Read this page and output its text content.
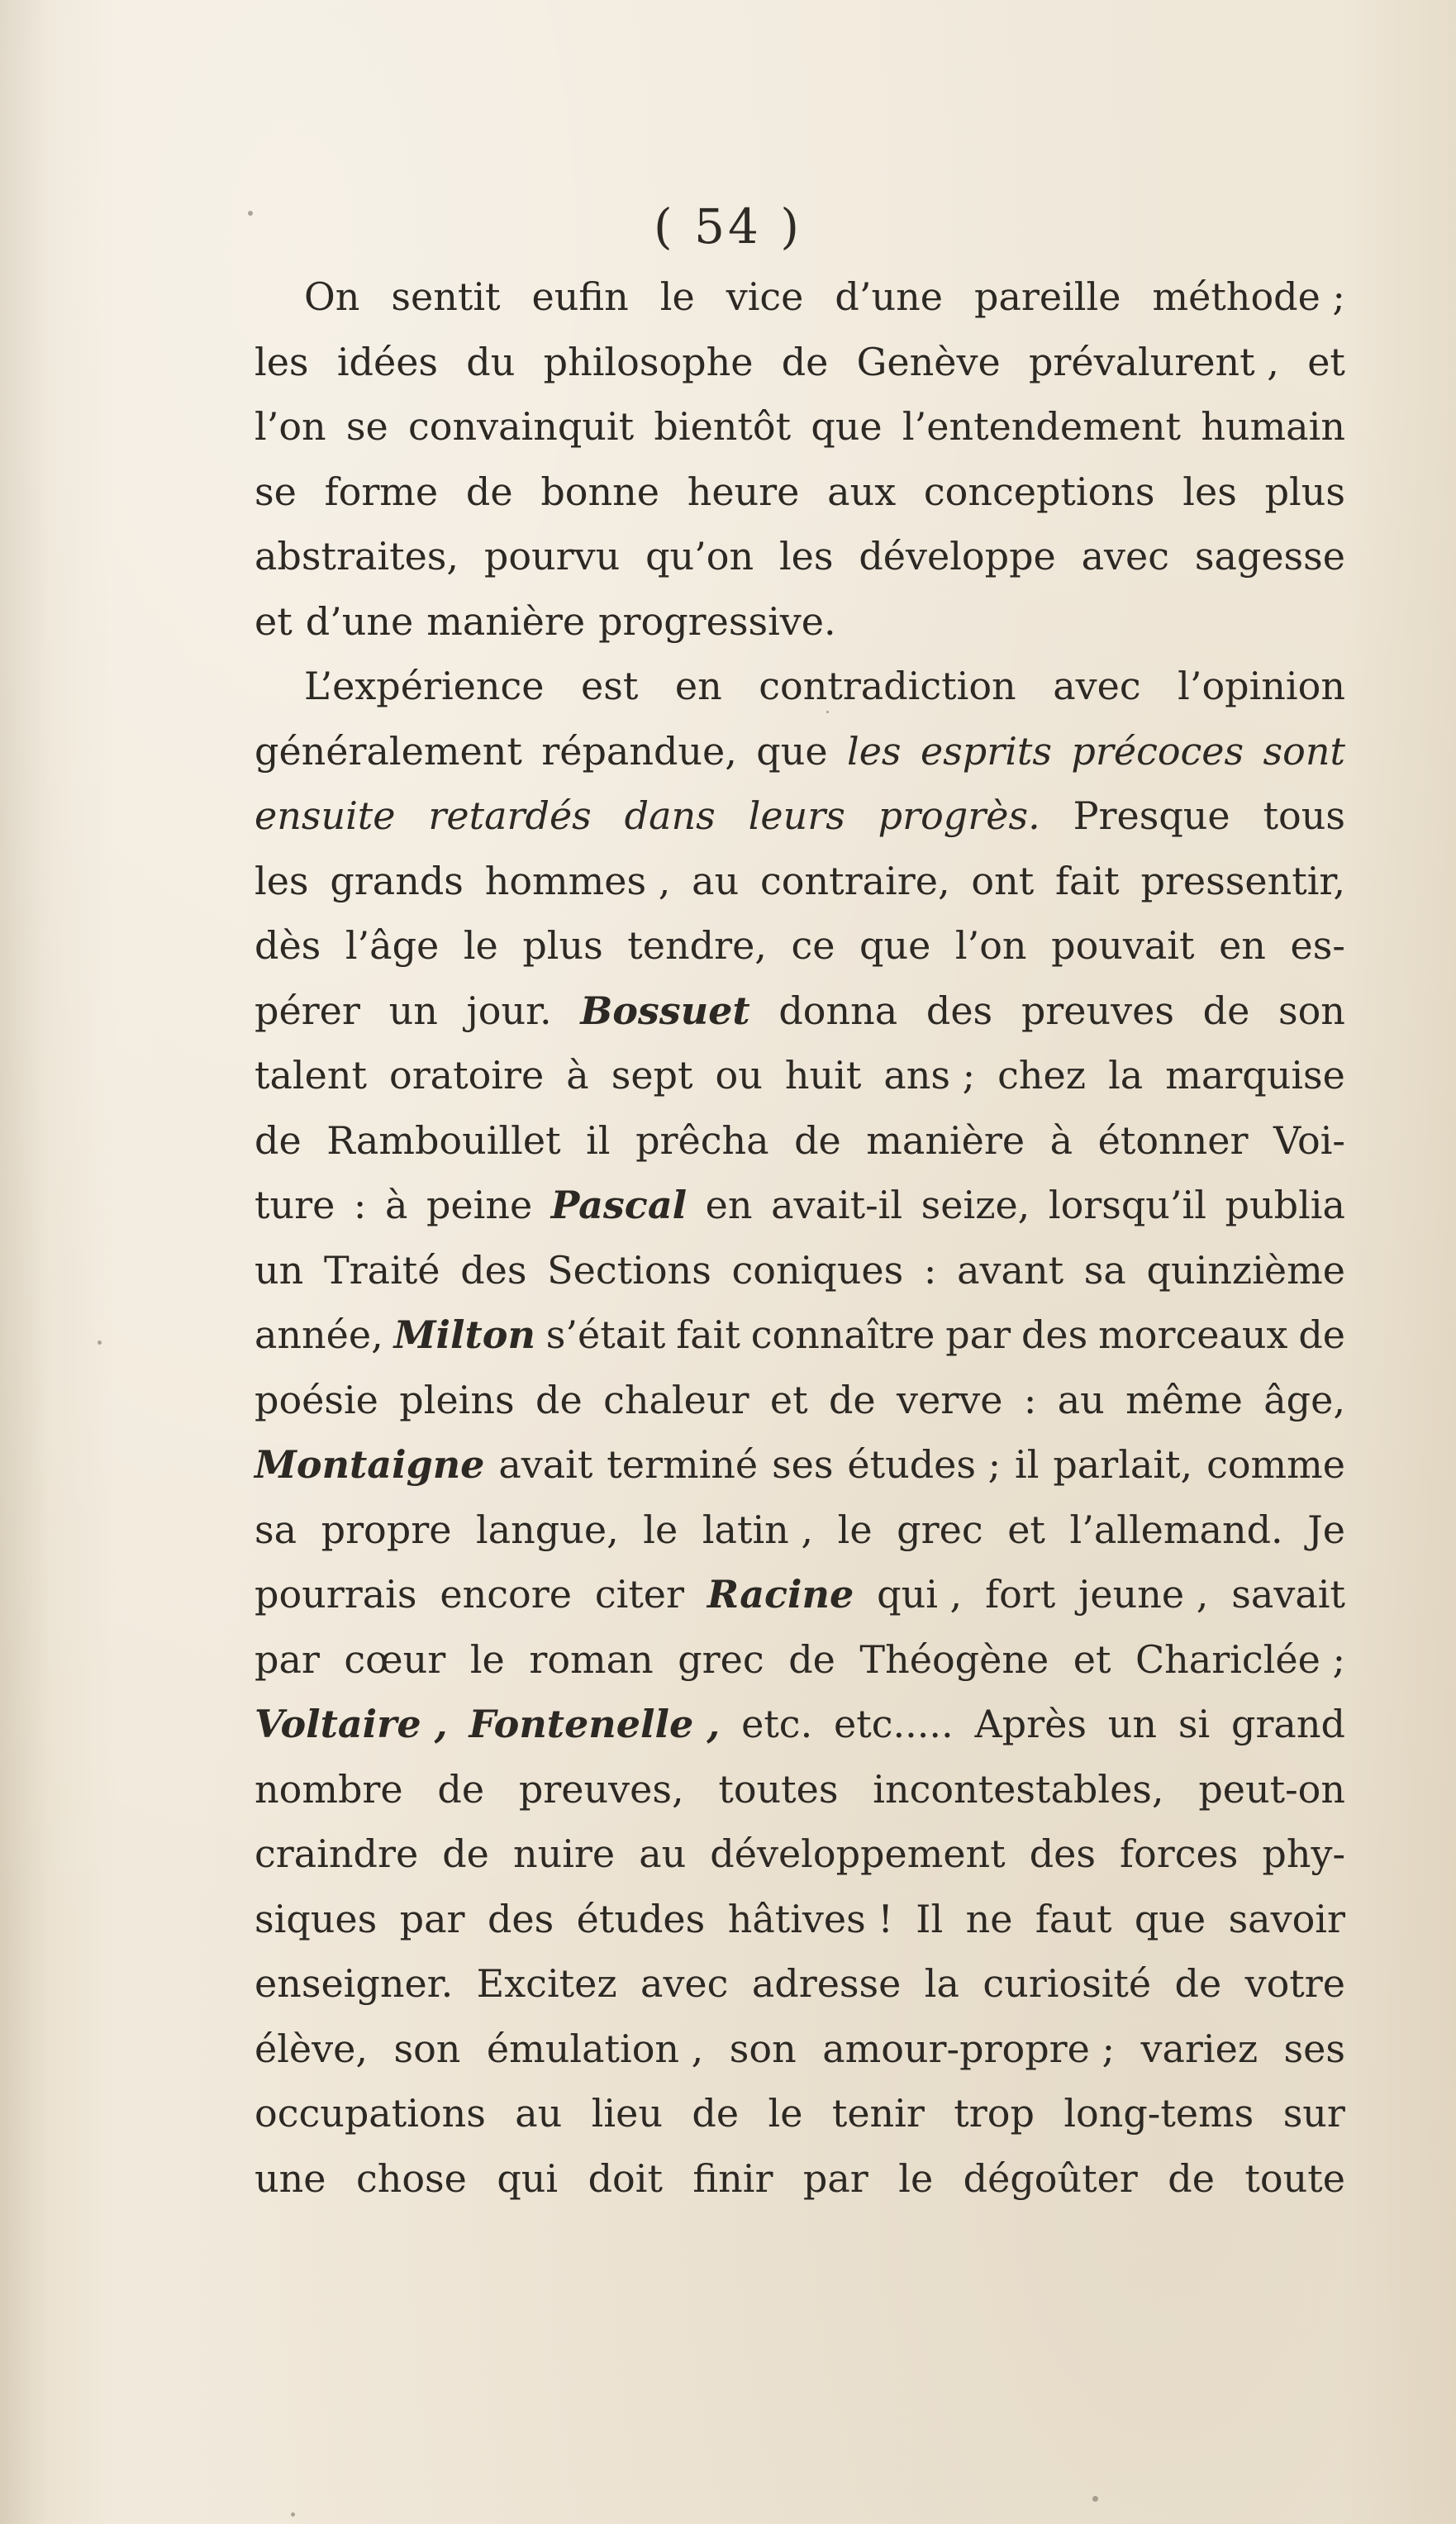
( 54 )
On sentit eufin le vice d’une pareille méthode ;
les idées du philosophe de Genève prévalurent , et
l’on se convainquit bientôt que l’entendement humain
se forme de bonne heure aux conceptions les plus
abstraites, pourvu qu’on les développe avec sagesse
et d’une manière progressive.
L’expérience est en contradiction avec l’opinion
généralement répandue, que les esprits précoces sont
ensuite retardés dans leurs progrès. Presque tous
les grands hommes , au contraire, ont fait pressentir,
dès l’âge le plus tendre, ce que l’on pouvait en es-
pérer un jour. Bossuet donna des preuves de son
talent oratoire à sept ou huit ans ; chez la marquise
de Rambouillet il prêcha de manière à étonner Voi-
ture : à peine Pascal en avait-il seize, lorsqu’il publia
un Traité des Sections coniques : avant sa quinzième
année, Milton s’était fait connaître par des morceaux de
poésie pleins de chaleur et de verve : au même âge,
Montaigne avait terminé ses études ; il parlait, comme
sa propre langue, le latin , le grec et l’allemand. Je
pourrais encore citer Racine qui , fort jeune , savait
par cœur le roman grec de Théogène et Chariclée ;
Voltaire , Fontenelle , etc. etc..... Après un si grand
nombre de preuves, toutes incontestables, peut-on
craindre de nuire au développement des forces phy-
siques par des études hâtives ! Il ne faut que savoir
enseigner. Excitez avec adresse la curiosité de votre
élève, son émulation , son amour-propre ; variez ses
occupations au lieu de le tenir trop long-tems sur
une chose qui doit finir par le dégoûter de toute
